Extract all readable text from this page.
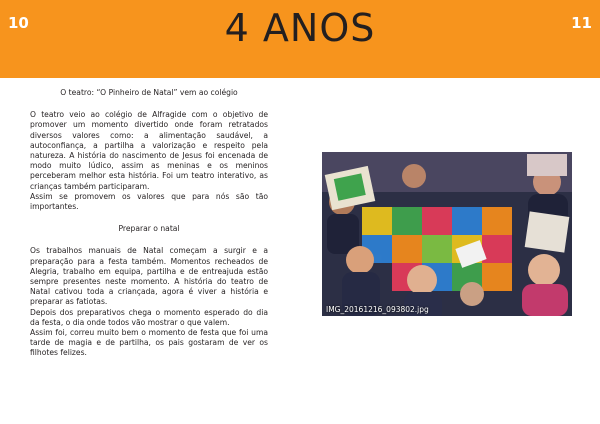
10	4 ANOS	11
O teatro: “O Pinheiro de Natal” vem ao colégio

O teatro veio ao colégio de Alfragide com o objetivo de promover um momento divertido onde foram retratados diversos valores como: a alimentação saudável, a autoconfiança, a partilha a valorização e respeito pela natureza. A história do nascimento de Jesus foi encenada de modo muito lúdico, assim as meninas e os meninos perceberam melhor esta história. Foi um teatro interativo, as crianças também participaram.

Assim se promovem os valores que para nós são tão importantes.

Preparar o natal

Os trabalhos manuais de Natal começam a surgir e a preparação para a festa também. Momentos recheados de Alegria, trabalho em equipa, partilha e de entreajuda estão sempre presentes neste momento. A história do teatro de Natal cativou toda a criançada, agora é viver a história e preparar as fatiotas.

Depois dos preparativos chega o momento esperado do dia da festa, o dia onde todos vão mostrar o que valem.

Assim foi, correu muito bem o momento de festa que foi uma tarde de magia e de partilha, os pais gostaram de ver os filhotes felizes.

IMG_20161216_093802.jpg
